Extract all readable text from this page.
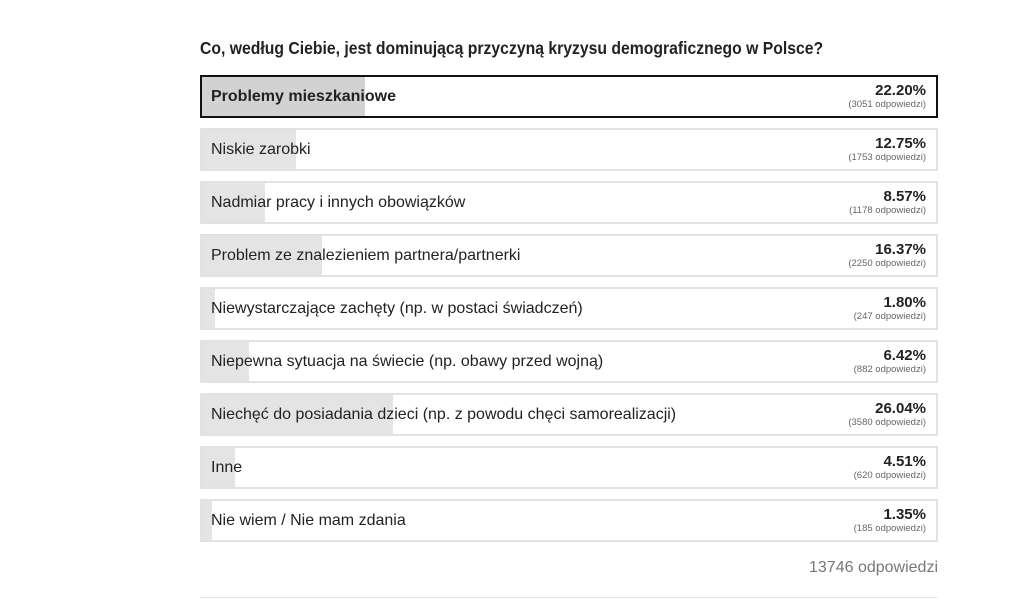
Co, według Ciebie, jest dominującą przyczyną kryzysu demograficznego w Polsce?
Problemy mieszkaniowe	22.20%
(3051 odpowiedzi)
Niskie zarobki	12.75%
(1753 odpowiedzi)
Nadmiar pracy i innych obowiązków	8.57%
(1178 odpowiedzi)
Problem ze znalezieniem partnera/partnerki	16.37%
(2250 odpowiedzi)
Niewystarczające zachęty (np. w postaci świadczeń)	1.80%
(247 odpowiedzi)
Niepewna sytuacja na świecie (np. obawy przed wojną)	6.42%
(882 odpowiedzi)
Niechęć do posiadania dzieci (np. z powodu chęci samorealizacji)	26.04%
(3580 odpowiedzi)
Inne	4.51%
(620 odpowiedzi)
Nie wiem / Nie mam zdania	1.35%
(185 odpowiedzi)
13746 odpowiedzi
